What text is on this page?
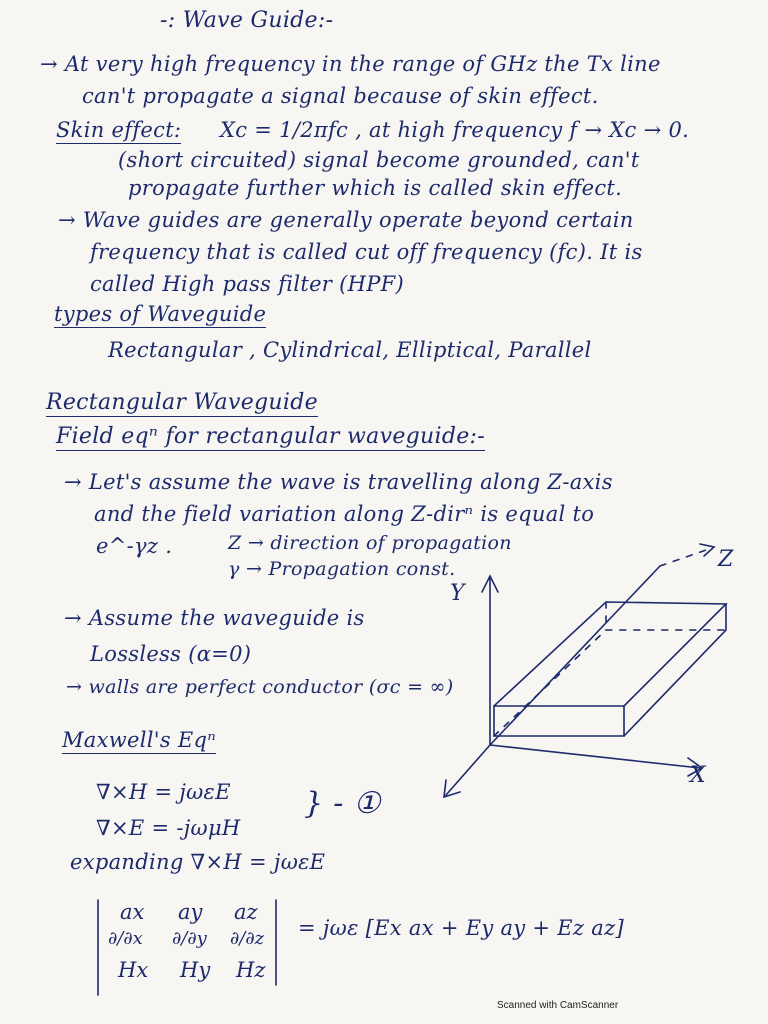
-: Wave Guide:-
→ At very high frequency in the range of GHz the Tx line
can't propagate a signal because of skin effect.
Skin effect: Xc = 1/2πfc , at high frequency f → Xc → 0.
(short circuited) signal become grounded, can't
propagate further which is called skin effect.
→ Wave guides are generally operate beyond certain
frequency that is called cut off frequency (fc). It is
called High pass filter (HPF)
types of Waveguide
Rectangular , Cylindrical, Elliptical, Parallel
Rectangular Waveguide
Field eqⁿ for rectangular waveguide:-
→ Let's assume the wave is travelling along Z-axis
and the field variation along Z-dirⁿ is equal to
e^-γz .	Z → direction of propagation
γ → Propagation const.
→ Assume the waveguide is
Lossless (α=0)
→ walls are perfect conductor (σc = ∞)
Maxwell's Eqⁿ
∇×H = jωεE
∇×E = -jωμH
} - ①
expanding ∇×H = jωεE
ax ay az
∂/∂x ∂/∂y ∂/∂z
Hx Hy Hz
= jωε [Ex ax + Ey ay + Ez az]
Y
Z
X
Scanned with CamScanner
